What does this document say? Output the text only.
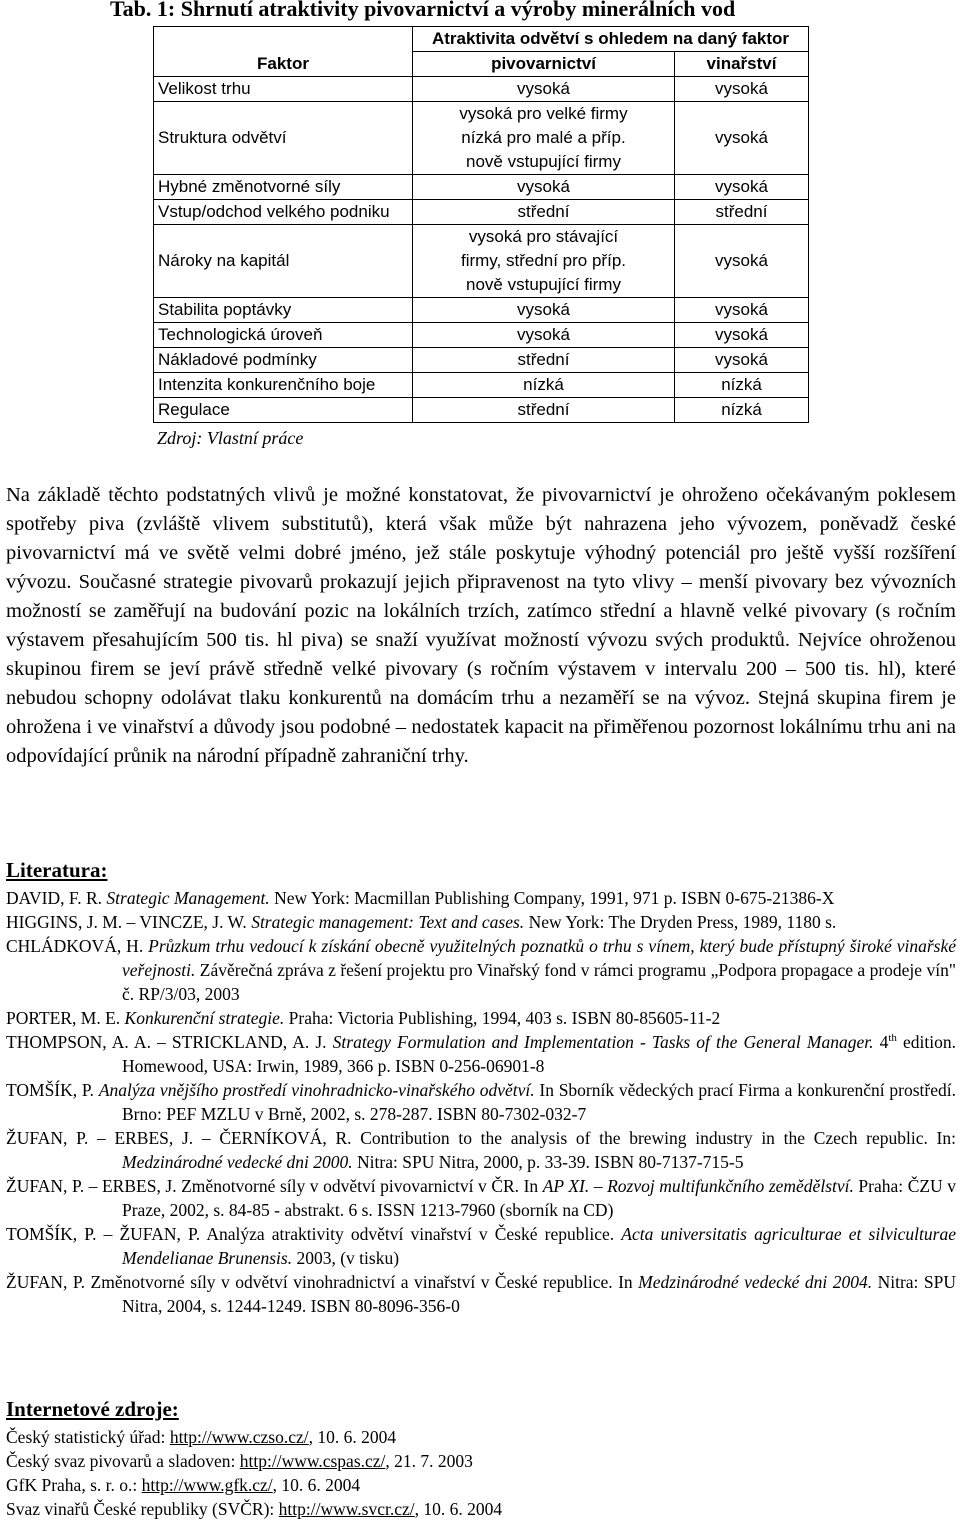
Tab. 1: Shrnutí atraktivity pivovarnictví a výroby minerálních vod
Faktor	Atraktivita odvětví s ohledem na daný faktor	
	pivovarnictví	vinařství
Velikost trhu	vysoká	vysoká
Struktura odvětví	vysoká pro velké firmy nízká pro malé a příp. nově vstupující firmy	vysoká
Hybné změnotvorné síly	vysoká	vysoká
Vstup/odchod velkého podniku	střední	střední
Nároky na kapitál	vysoká pro stávající firmy, střední pro příp. nově vstupující firmy	vysoká
Stabilita poptávky	vysoká	vysoká
Technologická úroveň	vysoká	vysoká
Nákladové podmínky	střední	vysoká
Intenzita konkurenčního boje	nízká	nízká
Regulace	střední	nízká
Zdroj: Vlastní práce
Na základě těchto podstatných vlivů je možné konstatovat, že pivovarnictví je ohroženo očekávaným poklesem spotřeby piva (zvláště vlivem substitutů), která však může být nahrazena jeho vývozem, poněvadž české pivovarnictví má ve světě velmi dobré jméno, jež stále poskytuje výhodný potenciál pro ještě vyšší rozšíření vývozu. Současné strategie pivovarů prokazují jejich připravenost na tyto vlivy – menší pivovary bez vývozních možností se zaměřují na budování pozic na lokálních trzích, zatímco střední a hlavně velké pivovary (s ročním výstavem přesahujícím 500 tis. hl piva) se snaží využívat možností vývozu svých produktů. Nejvíce ohroženou skupinou firem se jeví právě středně velké pivovary (s ročním výstavem v intervalu 200 – 500 tis. hl), které nebudou schopny odolávat tlaku konkurentů na domácím trhu a nezaměří se na vývoz. Stejná skupina firem je ohrožena i ve vinařství a důvody jsou podobné – nedostatek kapacit na přiměřenou pozornost lokálnímu trhu ani na odpovídající průnik na národní případně zahraniční trhy.
Literatura:
DAVID, F. R. Strategic Management. New York: Macmillan Publishing Company, 1991, 971 p. ISBN 0-675-21386-X
HIGGINS, J. M. – VINCZE, J. W. Strategic management: Text and cases. New York: The Dryden Press, 1989, 1180 s.
CHLÁDKOVÁ, H. Průzkum trhu vedoucí k získání obecně využitelných poznatků o trhu s vínem, který bude přístupný široké vinařské veřejnosti. Závěrečná zpráva z řešení projektu pro Vinařský fond v rámci programu „Podpora propagace a prodeje vín" č. RP/3/03, 2003
PORTER, M. E. Konkurenční strategie. Praha: Victoria Publishing, 1994, 403 s. ISBN 80-85605-11-2
THOMPSON, A. A. – STRICKLAND, A. J. Strategy Formulation and Implementation - Tasks of the General Manager. 4th edition. Homewood, USA: Irwin, 1989, 366 p. ISBN 0-256-06901-8
TOMŠÍK, P. Analýza vnějšího prostředí vinohradnicko-vinařského odvětví. In Sborník vědeckých prací Firma a konkurenční prostředí. Brno: PEF MZLU v Brně, 2002, s. 278-287. ISBN 80-7302-032-7
ŽUFAN, P. – ERBES, J. – ČERNÍKOVÁ, R. Contribution to the analysis of the brewing industry in the Czech republic. In: Medzinárodné vedecké dni 2000. Nitra: SPU Nitra, 2000, p. 33-39. ISBN 80-7137-715-5
ŽUFAN, P. – ERBES, J. Změnotvorné síly v odvětví pivovarnictví v ČR. In AP XI. – Rozvoj multifunkčního zemědělství. Praha: ČZU v Praze, 2002, s. 84-85 - abstrakt. 6 s. ISSN 1213-7960 (sborník na CD)
TOMŠÍK, P. – ŽUFAN, P. Analýza atraktivity odvětví vinařství v České republice. Acta universitatis agriculturae et silviculturae Mendelianae Brunensis. 2003, (v tisku)
ŽUFAN, P. Změnotvorné síly v odvětví vinohradnictví a vinařství v České republice. In Medzinárodné vedecké dni 2004. Nitra: SPU Nitra, 2004, s. 1244-1249. ISBN 80-8096-356-0
Internetové zdroje:
Český statistický úřad: http://www.czso.cz/, 10. 6. 2004
Český svaz pivovarů a sladoven: http://www.cspas.cz/, 21. 7. 2003
GfK Praha, s. r. o.: http://www.gfk.cz/, 10. 6. 2004
Svaz vinařů České republiky (SVČR): http://www.svcr.cz/, 10. 6. 2004
